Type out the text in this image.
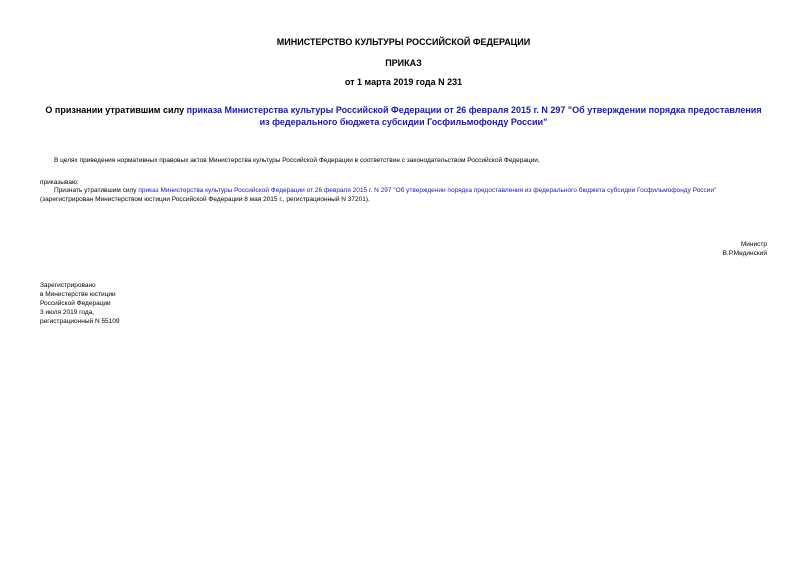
МИНИСТЕРСТВО КУЛЬТУРЫ РОССИЙСКОЙ ФЕДЕРАЦИИ
ПРИКАЗ
от 1 марта 2019 года N 231
О признании утратившим силу приказа Министерства культуры Российской Федерации от 26 февраля 2015 г. N 297 "Об утверждении порядка предоставления из федерального бюджета субсидии Госфильмофонду России"
В целях приведения нормативных правовых актов Министерства культуры Российской Федерации в соответствие с законодательством Российской Федерации,
приказываю:
Признать утратившим силу приказ Министерства культуры Российской Федерации от 26 февраля 2015 г. N 297 "Об утверждении порядка предоставления из федерального бюджета субсидии Госфильмофонду России" (зарегистрирован Министерством юстиции Российской Федерации 8 мая 2015 г., регистрационный N 37201).
Министр
В.Р.Мединский
Зарегистрировано
в Министерстве юстиции
Российской Федерации
3 июля 2019 года,
регистрационный N 55109
